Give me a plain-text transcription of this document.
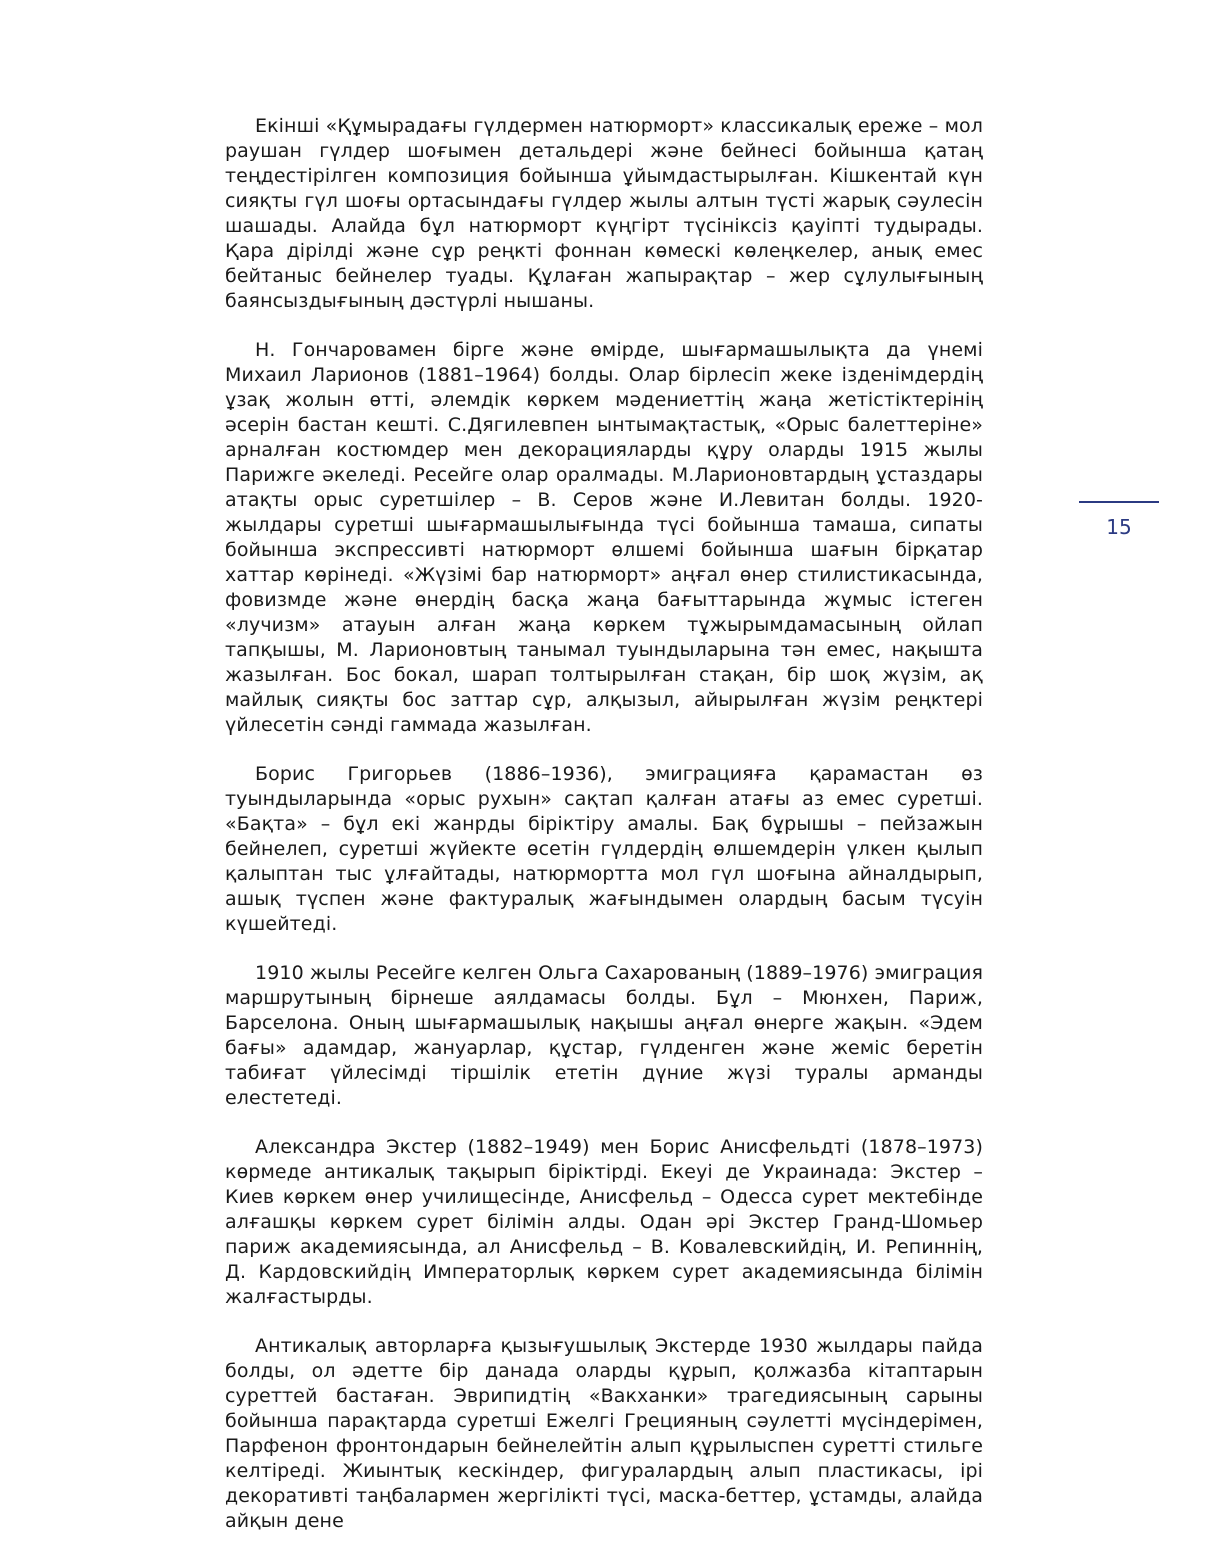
Екінші «Құмырадағы гүлдермен натюрморт» классикалық ереже – мол раушан гүлдер шоғымен детальдері және бейнесі бойынша қатаң теңдестірілген композиция бойынша ұйымдастырылған. Кішкентай күн сияқты гүл шоғы ортасындағы гүлдер жылы алтын түсті жарық сәулесін шашады. Алайда бұл натюрморт күңгірт түсініксіз қауіпті тудырады. Қара дірілді және сұр реңкті фоннан көмескі көлеңкелер, анық емес бейтаныс бейнелер туады. Құлаған жапырақтар – жер сұлулығының баянсыздығының дәстүрлі нышаны.

Н. Гончаровамен бірге және өмірде, шығармашылықта да үнемі Михаил Ларионов (1881–1964) болды. Олар бірлесіп жеке ізденімдердің ұзақ жолын өтті, әлемдік көркем мәдениеттің жаңа жетістіктерінің әсерін бастан кешті. С.Дягилевпен ынтымақтастық, «Орыс балеттеріне» арналған костюмдер мен декорацияларды құру оларды 1915 жылы Парижге әкеледі. Ресейге олар оралмады. М.Ларионовтардың ұстаздары атақты орыс суретшілер – В. Серов және И.Левитан болды. 1920-жылдары суретші шығармашылығында түсі бойынша тамаша, сипаты бойынша экспрессивті натюрморт өлшемі бойынша шағын бірқатар хаттар көрінеді. «Жүзімі бар натюрморт» аңғал өнер стилистикасында, фовизмде және өнердің басқа жаңа бағыттарында жұмыс істеген «лучизм» атауын алған жаңа көркем тұжырымдамасының ойлап тапқышы, М. Ларионовтың танымал туындыларына тән емес, нақышта жазылған. Бос бокал, шарап толтырылған стақан, бір шоқ жүзім, ақ майлық сияқты бос заттар сұр, алқызыл, айырылған жүзім реңктері үйлесетін сәнді гаммада жазылған.

Борис Григорьев (1886–1936), эмиграцияға қарамастан өз туындыларында «орыс рухын» сақтап қалған атағы аз емес суретші. «Бақта» – бұл екі жанрды біріктіру амалы. Бақ бұрышы – пейзажын бейнелеп, суретші жүйекте өсетін гүлдердің өлшемдерін үлкен қылып қалыптан тыс ұлғайтады, натюрмортта мол гүл шоғына айналдырып, ашық түспен және фактуралық жағындымен олардың басым түсуін күшейтеді.

1910 жылы Ресейге келген Ольга Сахарованың (1889–1976) эмиграция маршрутының бірнеше аялдамасы болды. Бұл – Мюнхен, Париж, Барселона. Оның шығармашылық нақышы аңғал өнерге жақын. «Эдем бағы» адамдар, жануарлар, құстар, гүлденген және жеміс беретін табиғат үйлесімді тіршілік ететін дүние жүзі туралы арманды елестетеді.

Александра Экстер (1882–1949) мен Борис Анисфельдті (1878–1973) көрмеде антикалық тақырып біріктірді. Екеуі де Украинада: Экстер – Киев көркем өнер училищесінде, Анисфельд – Одесса сурет мектебінде алғашқы көркем сурет білімін алды. Одан әрі Экстер Гранд-Шомьер париж академиясында, ал Анисфельд – В. Ковалевскийдің, И. Репиннің, Д. Кардовскийдің Императорлық көркем сурет академиясында білімін жалғастырды.

Антикалық авторларға қызығушылық Экстерде 1930 жылдары пайда болды, ол әдетте бір данада оларды құрып, қолжазба кітаптарын суреттей бастаған. Эврипидтің «Вакханки» трагедиясының сарыны бойынша парақтарда суретші Ежелгі Грецияның сәулетті мүсіндерімен, Парфенон фронтондарын бейнелейтін алып құрылыспен суретті стильге келтіреді. Жиынтық кескіндер, фигуралардың алып пластикасы, ірі декоративті таңбалармен жергілікті түсі, маска-беттер, ұстамды, алайда айқын дене

15
